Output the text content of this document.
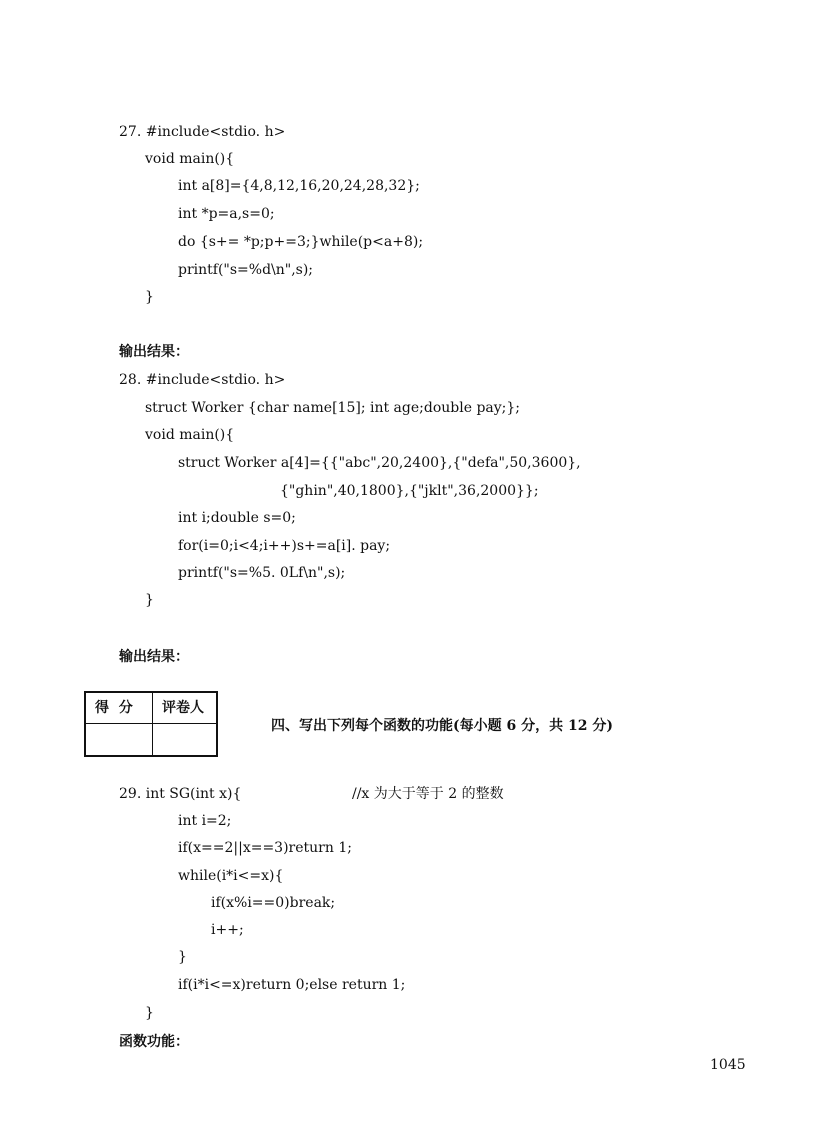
27. #include<stdio. h>
void main(){
int a[8]={4,8,12,16,20,24,28,32};
int *p=a,s=0;
do {s+= *p;p+=3;}while(p<a+8);
printf("s=%d\n",s);
}
输出结果：
28. #include<stdio. h>
struct Worker {char name[15]; int age;double pay;};
void main(){
struct Worker a[4]={{"abc",20,2400},{"defa",50,3600},
{"ghin",40,1800},{"jklt",36,2000}};
int i;double s=0;
for(i=0;i<4;i++)s+=a[i]. pay;
printf("s=%5. 0Lf\n",s);
}
输出结果：
得  分 评卷人
四、写出下列每个函数的功能(每小题 6 分，共 12 分)
29. int SG(int x){	//x 为大于等于 2 的整数
int i=2;
if(x==2||x==3)return 1;
while(i*i<=x){
if(x%i==0)break;
i++;
}
if(i*i<=x)return 0;else return 1;
}
函数功能：
1045
